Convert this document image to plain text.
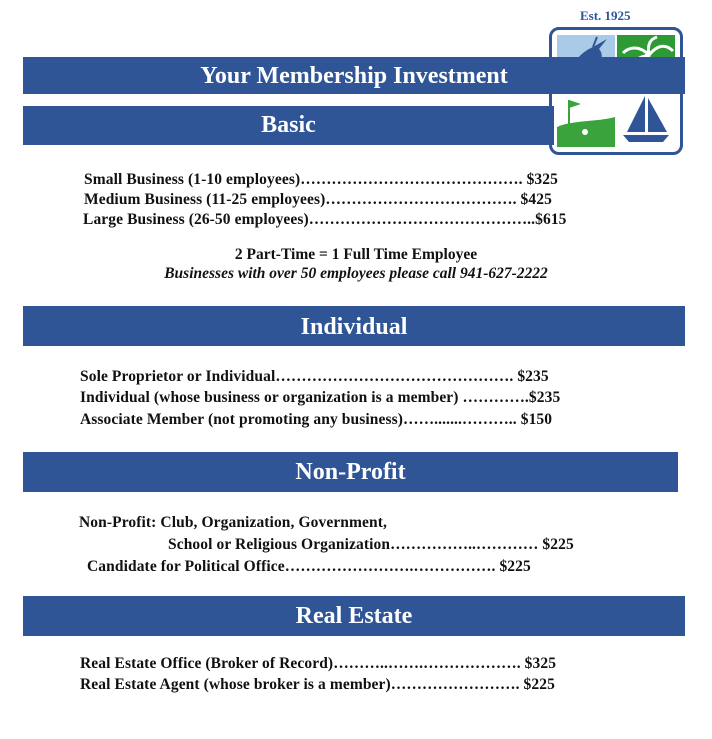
Est. 1925
Your Membership Investment
Basic
Small Business (1-10 employees)……………………………………. $325
Medium Business (11-25 employees)………………………………. $425
Large Business (26-50 employees)……………………………………..$615
2 Part-Time = 1 Full Time Employee
Businesses with over 50 employees please call 941-627-2222
Individual
Sole Proprietor or Individual………………………………………. $235
Individual (whose business or organization is a member) ………….$235
Associate Member (not promoting any business)…….......……….. $150
Non-Profit
Non-Profit: Club, Organization, Government,
School or Religious Organization……………..………… $225
Candidate for Political Office…………………….……………. $225
Real Estate
Real Estate Office (Broker of Record)………..…….………………. $325
Real Estate Agent (whose broker is a member)……………………. $225
